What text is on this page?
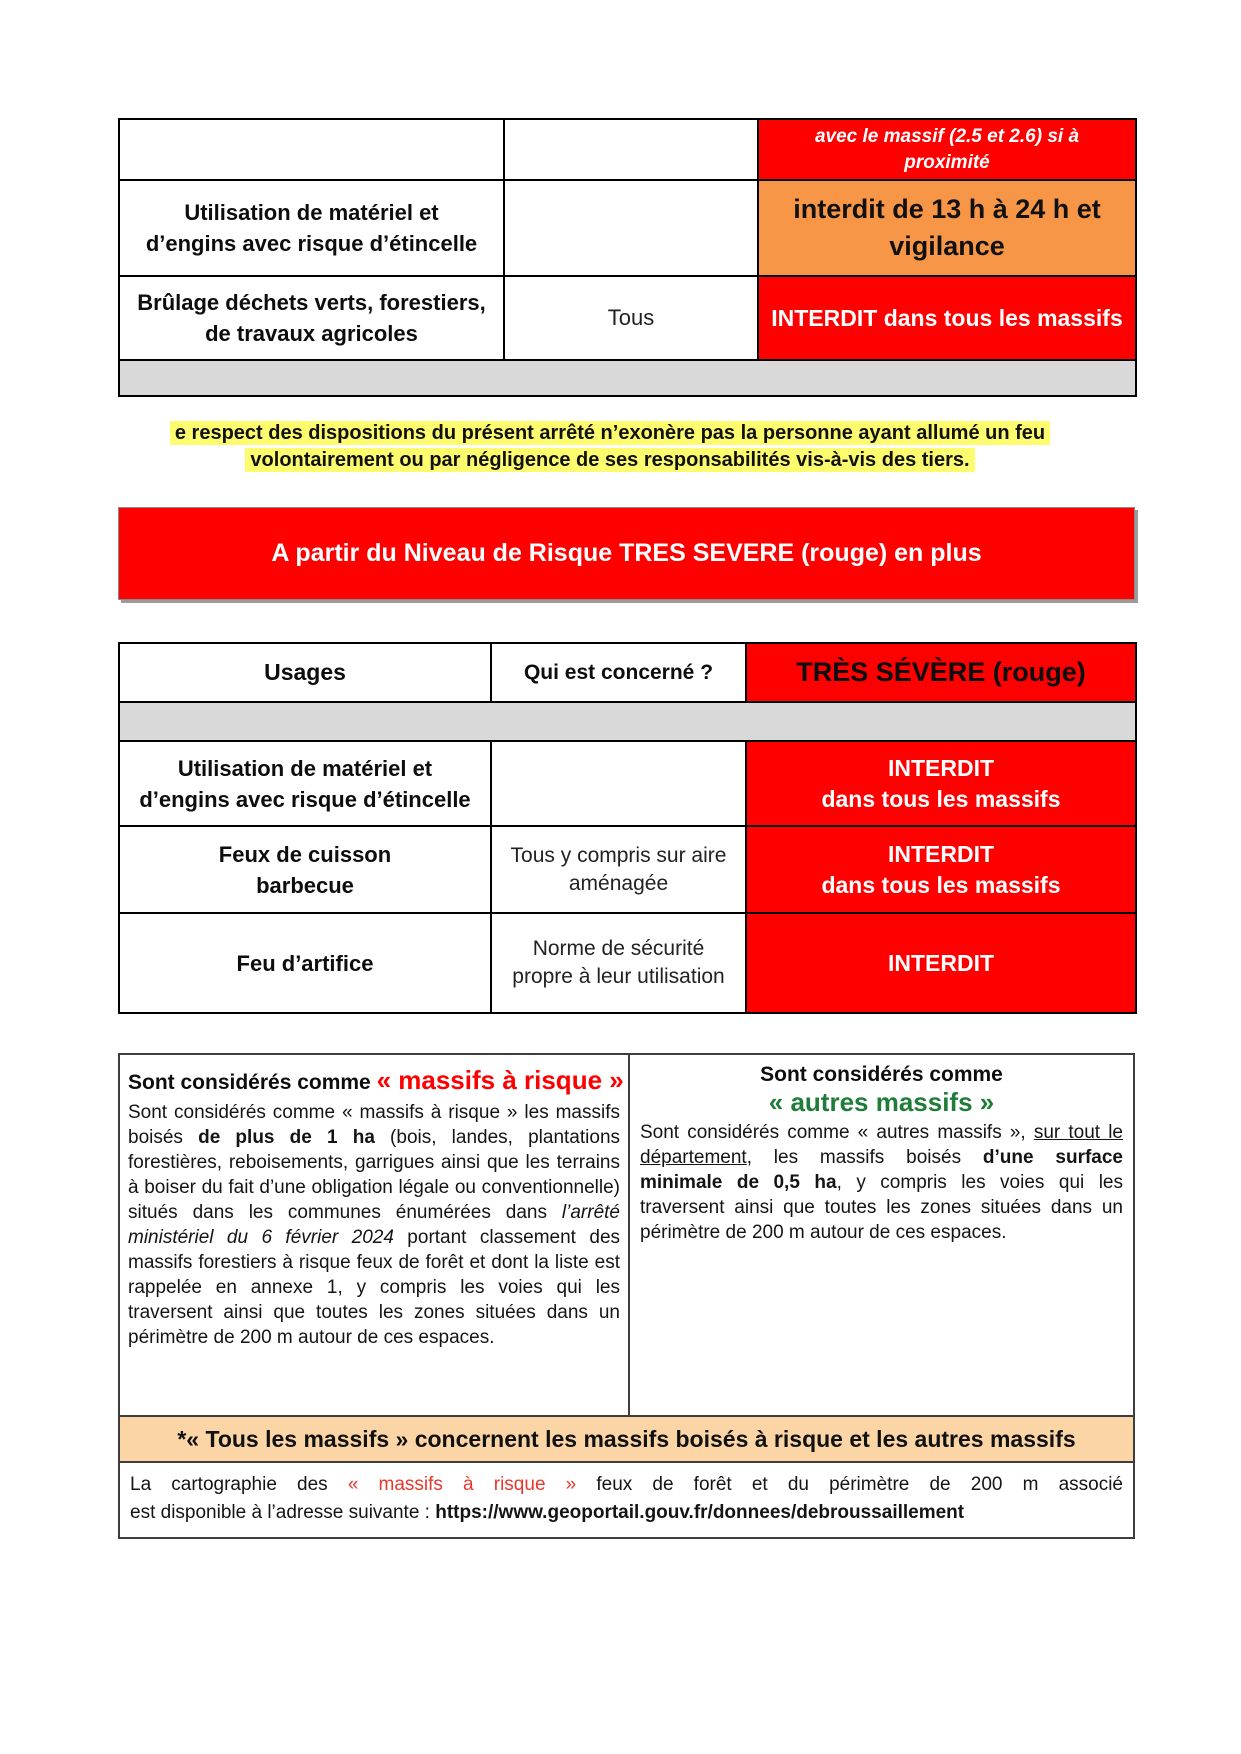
		avec le massif (2.5 et 2.6) si à
proximité

Utilisation de matériel et
d’engins avec risque d’étincelle		interdit de 13 h à 24 h et
vigilance

Brûlage déchets verts, forestiers,
de travaux agricoles	Tous	INTERDIT dans tous les massifs

e respect des dispositions du présent arrêté n’exonère pas la personne ayant allumé un feu
volontairement ou par négligence de ses responsabilités vis-à-vis des tiers.
A partir du Niveau de Risque TRES SEVERE (rouge) en plus
Usages	Qui est concerné ?	TRÈS SÉVÈRE (rouge)

Utilisation de matériel et
d’engins avec risque d’étincelle		INTERDIT
dans tous les massifs

Feux de cuisson
barbecue	Tous y compris sur aire
aménagée	INTERDIT
dans tous les massifs

Feu d’artifice	Norme de sécurité
propre à leur utilisation	INTERDIT
Sont considérés comme « massifs à risque »
Sont considérés comme « massifs à risque » les massifs boisés de plus de 1 ha (bois, landes, plantations forestières, reboisements, garrigues ainsi que les terrains à boiser du fait d’une obligation légale ou conventionnelle) situés dans les communes énumérées dans l’arrêté ministériel du 6 février 2024 portant classement des massifs forestiers à risque feux de forêt et dont la liste est rappelée en annexe 1, y compris les voies qui les traversent ainsi que toutes les zones situées dans un périmètre de 200 m autour de ces espaces.
Sont considérés comme
« autres massifs »
Sont considérés comme « autres massifs », sur tout le département, les massifs boisés d’une surface minimale de 0,5 ha, y compris les voies qui les traversent ainsi que toutes les zones situées dans un périmètre de 200 m autour de ces espaces.
*« Tous les massifs » concernent les massifs boisés à risque et les autres massifs
La cartographie des « massifs à risque » feux de forêt et du périmètre de 200 m associé
est disponible à l’adresse suivante : https://www.geoportail.gouv.fr/donnees/debroussaillement
